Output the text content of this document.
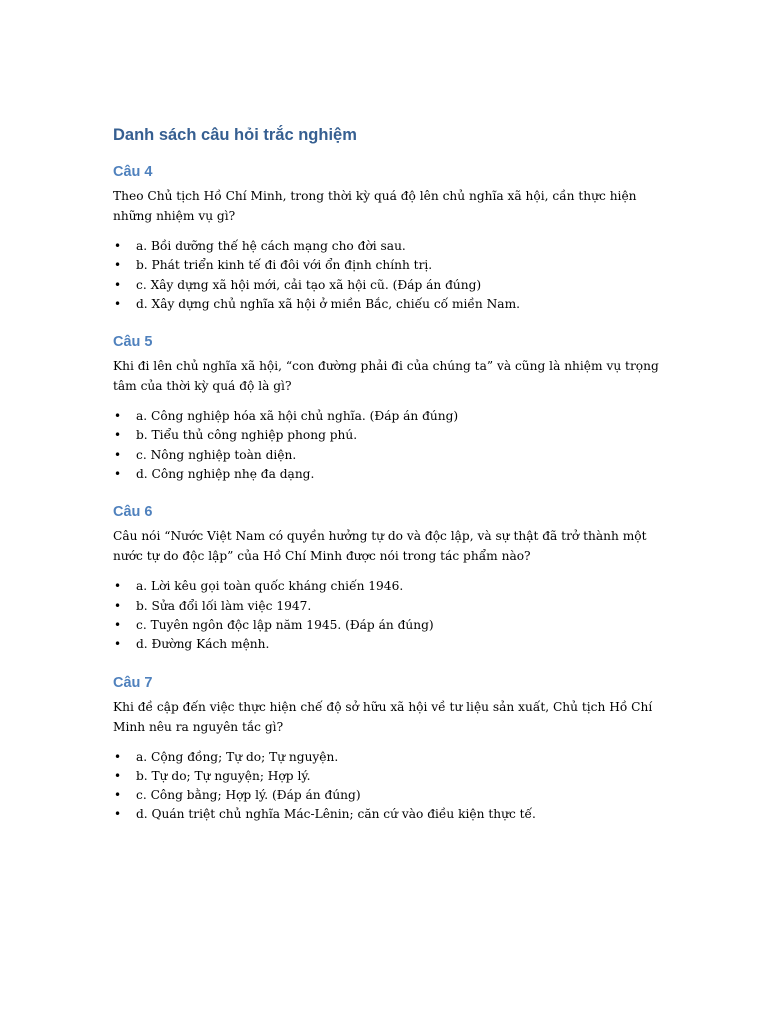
Danh sách câu hỏi trắc nghiệm
Câu 4

Theo Chủ tịch Hồ Chí Minh, trong thời kỳ quá độ lên chủ nghĩa xã hội, cần thực hiện những nhiệm vụ gì?

• a. Bồi dưỡng thế hệ cách mạng cho đời sau.
• b. Phát triển kinh tế đi đôi với ổn định chính trị.
• c. Xây dựng xã hội mới, cải tạo xã hội cũ. (Đáp án đúng)
• d. Xây dựng chủ nghĩa xã hội ở miền Bắc, chiếu cố miền Nam.
Câu 5

Khi đi lên chủ nghĩa xã hội, “con đường phải đi của chúng ta” và cũng là nhiệm vụ trọng tâm của thời kỳ quá độ là gì?

• a. Công nghiệp hóa xã hội chủ nghĩa. (Đáp án đúng)
• b. Tiểu thủ công nghiệp phong phú.
• c. Nông nghiệp toàn diện.
• d. Công nghiệp nhẹ đa dạng.
Câu 6

Câu nói “Nước Việt Nam có quyền hưởng tự do và độc lập, và sự thật đã trở thành một nước tự do độc lập” của Hồ Chí Minh được nói trong tác phẩm nào?

• a. Lời kêu gọi toàn quốc kháng chiến 1946.
• b. Sửa đổi lối làm việc 1947.
• c. Tuyên ngôn độc lập năm 1945. (Đáp án đúng)
• d. Đường Kách mệnh.
Câu 7

Khi đề cập đến việc thực hiện chế độ sở hữu xã hội về tư liệu sản xuất, Chủ tịch Hồ Chí Minh nêu ra nguyên tắc gì?

• a. Cộng đồng; Tự do; Tự nguyện.
• b. Tự do; Tự nguyện; Hợp lý.
• c. Công bằng; Hợp lý. (Đáp án đúng)
• d. Quán triệt chủ nghĩa Mác-Lênin; căn cứ vào điều kiện thực tế.
